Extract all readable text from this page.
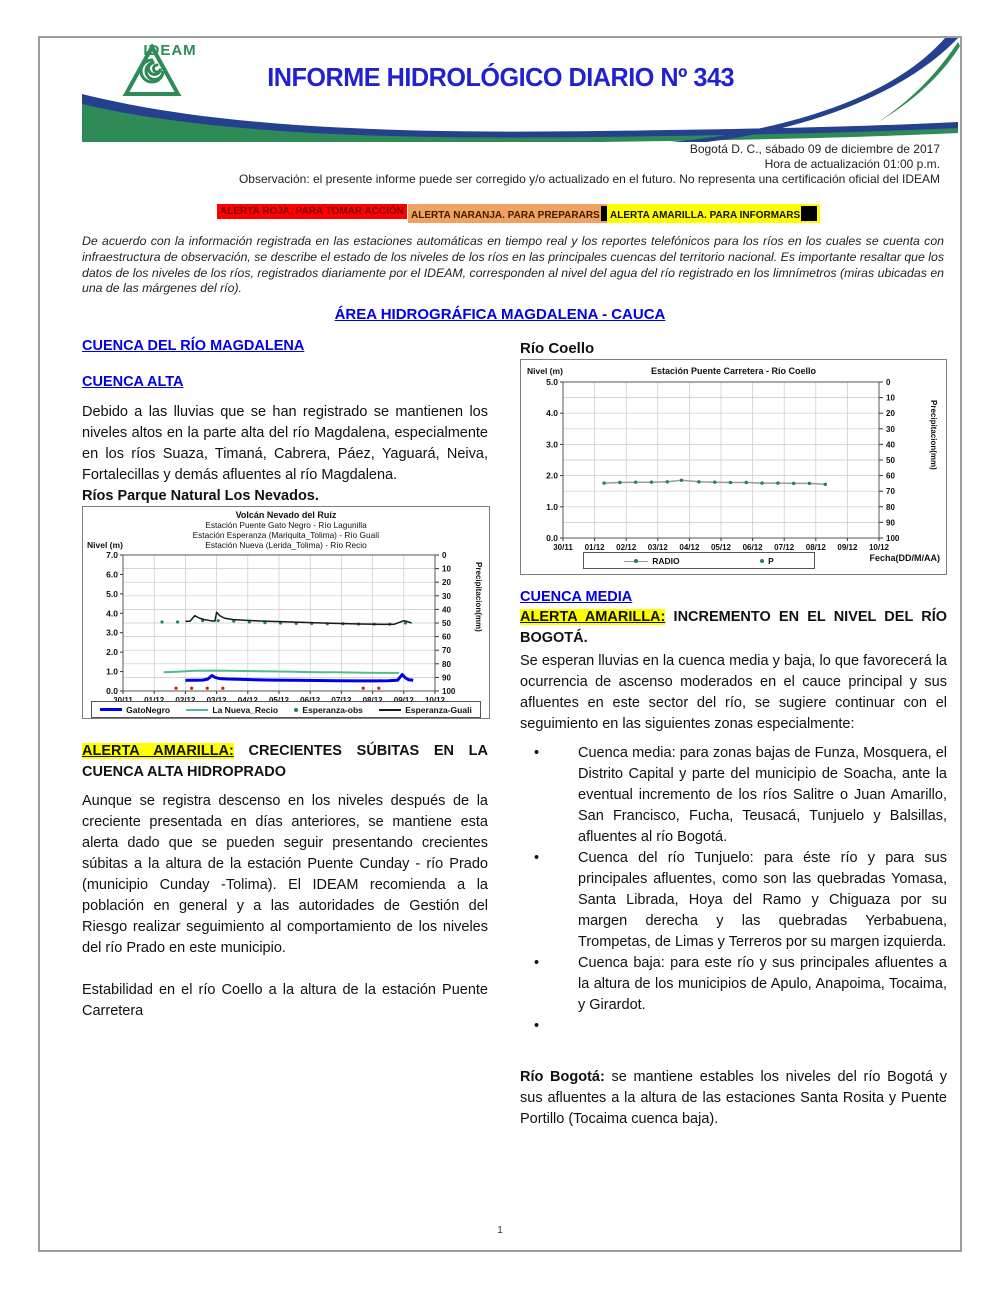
IDEAM
INFORME HIDROLÓGICO DIARIO Nº 343
Bogotá D. C., sábado 09 de diciembre de 2017
Hora de actualización 01:00 p.m.
Observación: el presente informe puede ser corregido y/o actualizado en el futuro. No representa una certificación oficial del IDEAM
ALERTA ROJA. PARA TOMAR ACCIÓN ALERTA NARANJA. PARA PREPARARS	ALERTA AMARILLA. PARA INFORMARS
De acuerdo con la información registrada en las estaciones automáticas en tiempo real y los reportes telefónicos para los ríos en los cuales se cuenta con infraestructura de observación, se describe el estado de los niveles de los ríos en las principales cuencas del territorio nacional. Es importante resaltar que los datos de los niveles de los ríos, registrados diariamente por el IDEAM, corresponden al nivel del agua del río registrado en los limnímetros (miras ubicadas en una de las márgenes del río).
ÁREA HIDROGRÁFICA MAGDALENA - CAUCA
CUENCA DEL RÍO MAGDALENA
CUENCA ALTA

Debido a las lluvias que se han registrado se mantienen los niveles altos en la parte alta del río Magdalena, especialmente en los ríos Suaza, Timaná, Cabrera, Páez, Yaguará, Neiva, Fortalecillas y demás afluentes al río Magdalena.

Ríos Parque Natural Los Nevados.
Volcán Nevado del Ruíz
Estación Puente Gato Negro - Río Lagunilla
Estación Esperanza (Mariquita_Tolima) - Río Gualí
Estación Nueva (Lerida_Tolima) - Río Recio
Nivel (m)
Precipitacion(mm)
0
10
20
30
40
50
60
70
80
90
100
7.0
6.0
5.0
4.0
3.0
2.0
1.0
0.0
GatoNegro	La Nueva_Recio	Esperanza-obs	Esperanza-Guali

ALERTA AMARILLA: CRECIENTES SÚBITAS EN LA CUENCA ALTA HIDROPRADO

Aunque se registra descenso en los niveles después de la creciente presentada en días anteriores, se mantiene esta alerta dado que se pueden seguir presentando crecientes súbitas a la altura de la estación Puente Cunday - río Prado (municipio Cunday -Tolima). El IDEAM recomienda a la población en general y a las autoridades de Gestión del Riesgo realizar seguimiento al comportamiento de los niveles del río Prado en este municipio.

Estabilidad en el río Coello a la altura de la estación Puente Carretera

Río Coello
Estación Puente Carretera - Río Coello
Nivel (m)
Precipitacion(mm)
0
10
20
30
40
50
60
70
80
90
100
5.0
4.0
3.0
2.0
1.0
0.0
30/11 01/12 02/12 03/12 04/12 05/12 06/12 07/12 08/12 09/12 10/12
RADIO	P	Fecha(DD/M/AA)
CUENCA MEDIA

ALERTA AMARILLA: INCREMENTO EN EL NIVEL DEL RÍO BOGOTÁ.

Se esperan lluvias en la cuenca media y baja, lo que favorecerá la ocurrencia de ascenso moderados en el cauce principal y sus afluentes en este sector del río, se sugiere continuar con el seguimiento en las siguientes zonas especialmente:

•	Cuenca media: para zonas bajas de Funza, Mosquera, el Distrito Capital y parte del municipio de Soacha, ante la eventual incremento de los ríos Salitre o Juan Amarillo, San Francisco, Fucha, Teusacá, Tunjuelo y Balsillas, afluentes al río Bogotá.
•	Cuenca del río Tunjuelo: para éste río y para sus principales afluentes, como son las quebradas Yomasa, Santa Librada, Hoya del Ramo y Chiguaza por su margen derecha y las quebradas Yerbabuena, Trompetas, de Limas y Terreros por su margen izquierda.
•	Cuenca baja: para este río y sus principales afluentes a la altura de los municipios de Apulo, Anapoima, Tocaima, y Girardot.
•

Río Bogotá: se mantiene estables los niveles del río Bogotá y sus afluentes a la altura de las estaciones Santa Rosita y Puente Portillo (Tocaima cuenca baja).

1
